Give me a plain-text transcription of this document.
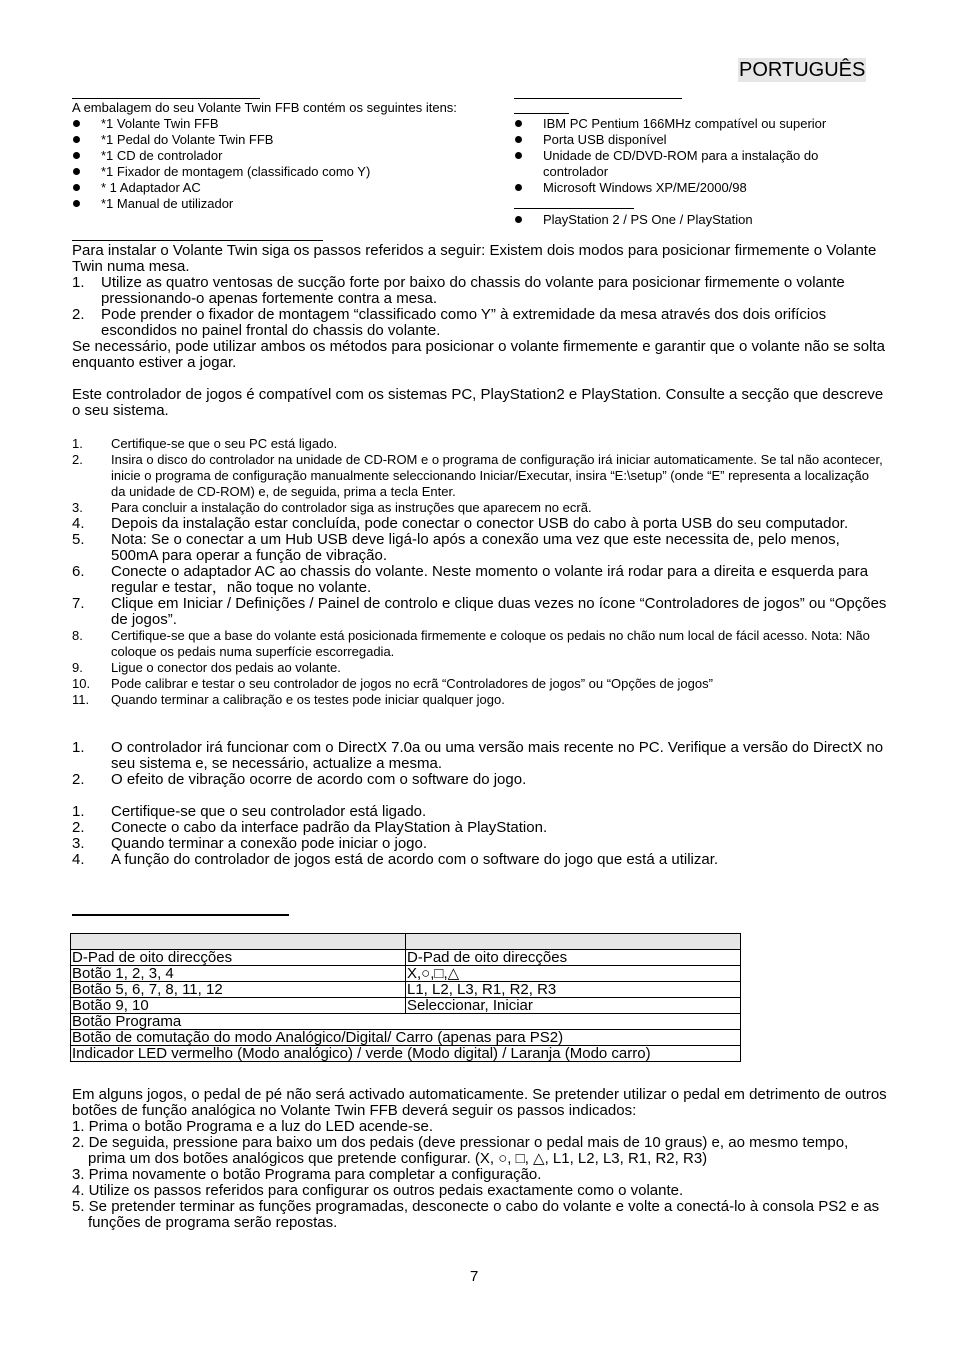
PORTUGUÊS
A embalagem do seu Volante Twin FFB contém os seguintes itens:
*1 Volante Twin FFB
*1 Pedal do Volante Twin FFB
*1 CD de controlador
*1 Fixador de montagem (classificado como Y)
* 1 Adaptador AC
*1 Manual de utilizador
IBM PC Pentium 166MHz compatível ou superior
Porta USB disponível
Unidade de CD/DVD-ROM para a instalação do controlador
Microsoft Windows XP/ME/2000/98
PlayStation 2 / PS One / PlayStation

Para instalar o Volante Twin siga os passos referidos a seguir: Existem dois modos para posicionar firmemente o Volante Twin numa mesa.

1. Utilize as quatro ventosas de sucção forte por baixo do chassis do volante para posicionar firmemente o volante pressionando-o apenas fortemente contra a mesa.
2. Pode prender o fixador de montagem “classificado como Y” à extremidade da mesa através dos dois orifícios escondidos no painel frontal do chassis do volante.

Se necessário, pode utilizar ambos os métodos para posicionar o volante firmemente e garantir que o volante não se solta enquanto estiver a jogar.

Este controlador de jogos é compatível com os sistemas PC, PlayStation2 e PlayStation. Consulte a secção que descreve o seu sistema.

1. Certifique-se que o seu PC está ligado.
2. Insira o disco do controlador na unidade de CD-ROM e o programa de configuração irá iniciar automaticamente. Se tal não acontecer, inicie o programa de configuração manualmente seleccionando Iniciar/Executar, insira “E:\setup” (onde “E” representa a localização da unidade de CD-ROM) e, de seguida, prima a tecla Enter.
3. Para concluir a instalação do controlador siga as instruções que aparecem no ecrã.
4. Depois da instalação estar concluída, pode conectar o conector USB do cabo à porta USB do seu computador.
5. Nota: Se o conectar a um Hub USB deve ligá-lo após a conexão uma vez que este necessita de, pelo menos, 500mA para operar a função de vibração.
6. Conecte o adaptador AC ao chassis do volante. Neste momento o volante irá rodar para a direita e esquerda para regular e testar，não toque no volante.
7. Clique em Iniciar / Definições / Painel de controlo e clique duas vezes no ícone “Controladores de jogos” ou “Opções de jogos”.
8. Certifique-se que a base do volante está posicionada firmemente e coloque os pedais no chão num local de fácil acesso. Nota: Não coloque os pedais numa superfície escorregadia.
9. Ligue o conector dos pedais ao volante.
10. Pode calibrar e testar o seu controlador de jogos no ecrã “Controladores de jogos” ou “Opções de jogos”
11. Quando terminar a calibração e os testes pode iniciar qualquer jogo.
1. O controlador irá funcionar com o DirectX 7.0a ou uma versão mais recente no PC. Verifique a versão do DirectX no seu sistema e, se necessário, actualize a mesma.
2. O efeito de vibração ocorre de acordo com o software do jogo.
1. Certifique-se que o seu controlador está ligado.
2. Conecte o cabo da interface padrão da PlayStation à PlayStation.
3. Quando terminar a conexão pode iniciar o jogo.
4. A função do controlador de jogos está de acordo com o software do jogo que está a utilizar.

D-Pad de oito direcções	D-Pad de oito direcções
Botão 1, 2, 3, 4	X,○,□,△
Botão 5, 6, 7, 8, 11, 12	L1, L2, L3, R1, R2, R3
Botão 9, 10	Seleccionar, Iniciar
Botão Programa	
Botão de comutação do modo Analógico/Digital/ Carro (apenas para PS2)	
Indicador LED vermelho (Modo analógico) / verde (Modo digital) / Laranja (Modo carro)	

Em alguns jogos, o pedal de pé não será activado automaticamente. Se pretender utilizar o pedal em detrimento de outros botões de função analógica no Volante Twin FFB deverá seguir os passos indicados:

1. Prima o botão Programa e a luz do LED acende-se.
2. De seguida, pressione para baixo um dos pedais (deve pressionar o pedal mais de 10 graus) e, ao mesmo tempo, prima um dos botões analógicos que pretende configurar. (X, ○, □, △, L1, L2, L3, R1, R2, R3)
3. Prima novamente o botão Programa para completar a configuração.
4. Utilize os passos referidos para configurar os outros pedais exactamente como o volante.
5. Se pretender terminar as funções programadas, desconecte o cabo do volante e volte a conectá-lo à consola PS2 e as funções de programa serão repostas.
7
